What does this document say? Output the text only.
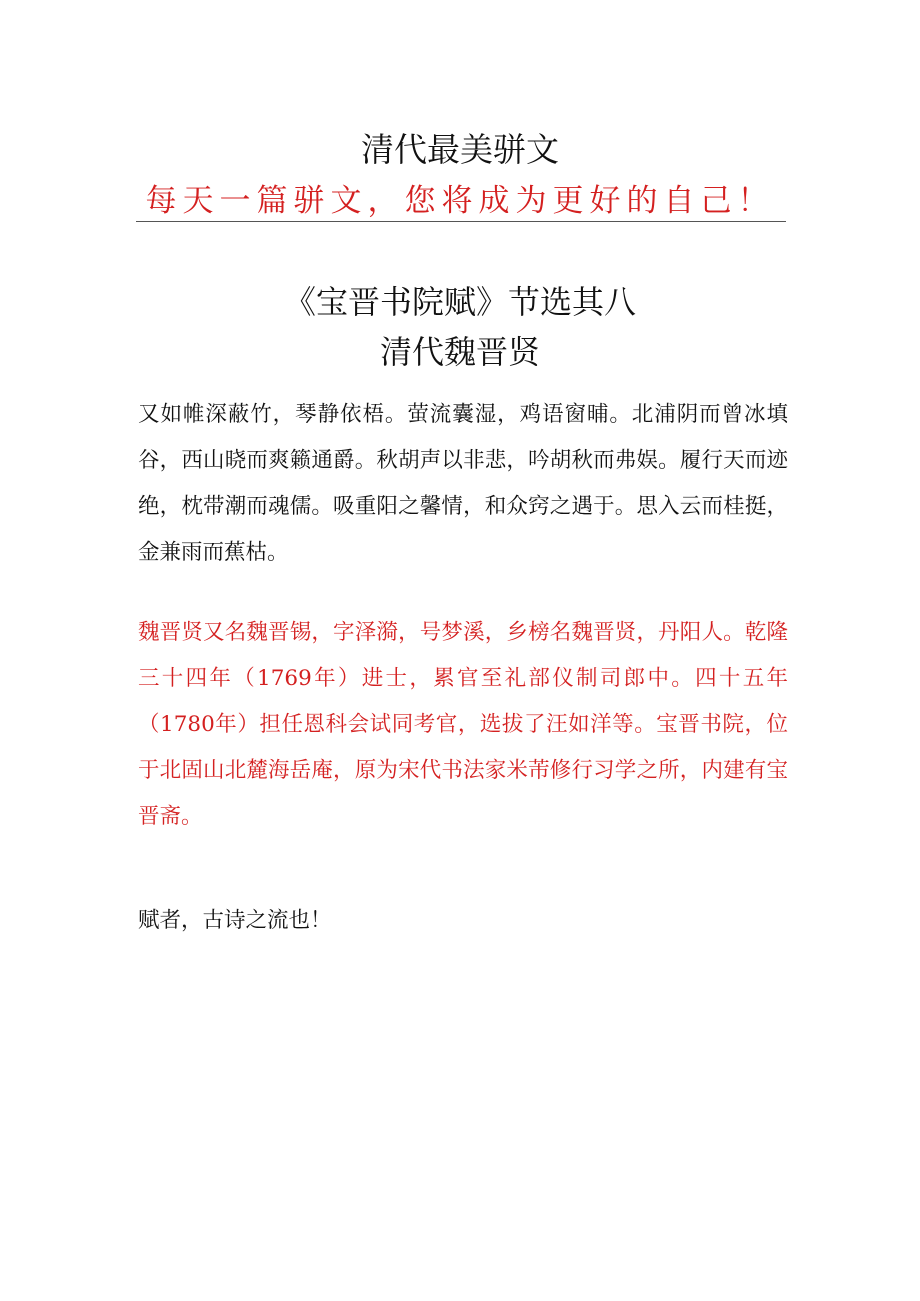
清代最美骈文
每天一篇骈文，您将成为更好的自己！
《宝晋书院赋》节选其八
清代魏晋贤

又如帷深蔽竹，琴静依梧。萤流囊湿，鸡语窗晡。北浦阴而曾冰填谷，西山晓而爽籁通爵。秋胡声以非悲，吟胡秋而弗娱。履行天而迹绝，枕带潮而魂儒。吸重阳之馨情，和众窍之遇于。思入云而桂挺，金兼雨而蕉枯。

魏晋贤又名魏晋锡，字泽漪，号梦溪，乡榜名魏晋贤，丹阳人。乾隆三十四年（1769年）进士，累官至礼部仪制司郎中。四十五年（1780年）担任恩科会试同考官，选拔了汪如洋等。宝晋书院，位于北固山北麓海岳庵，原为宋代书法家米芾修行习学之所，内建有宝晋斋。

赋者，古诗之流也！
